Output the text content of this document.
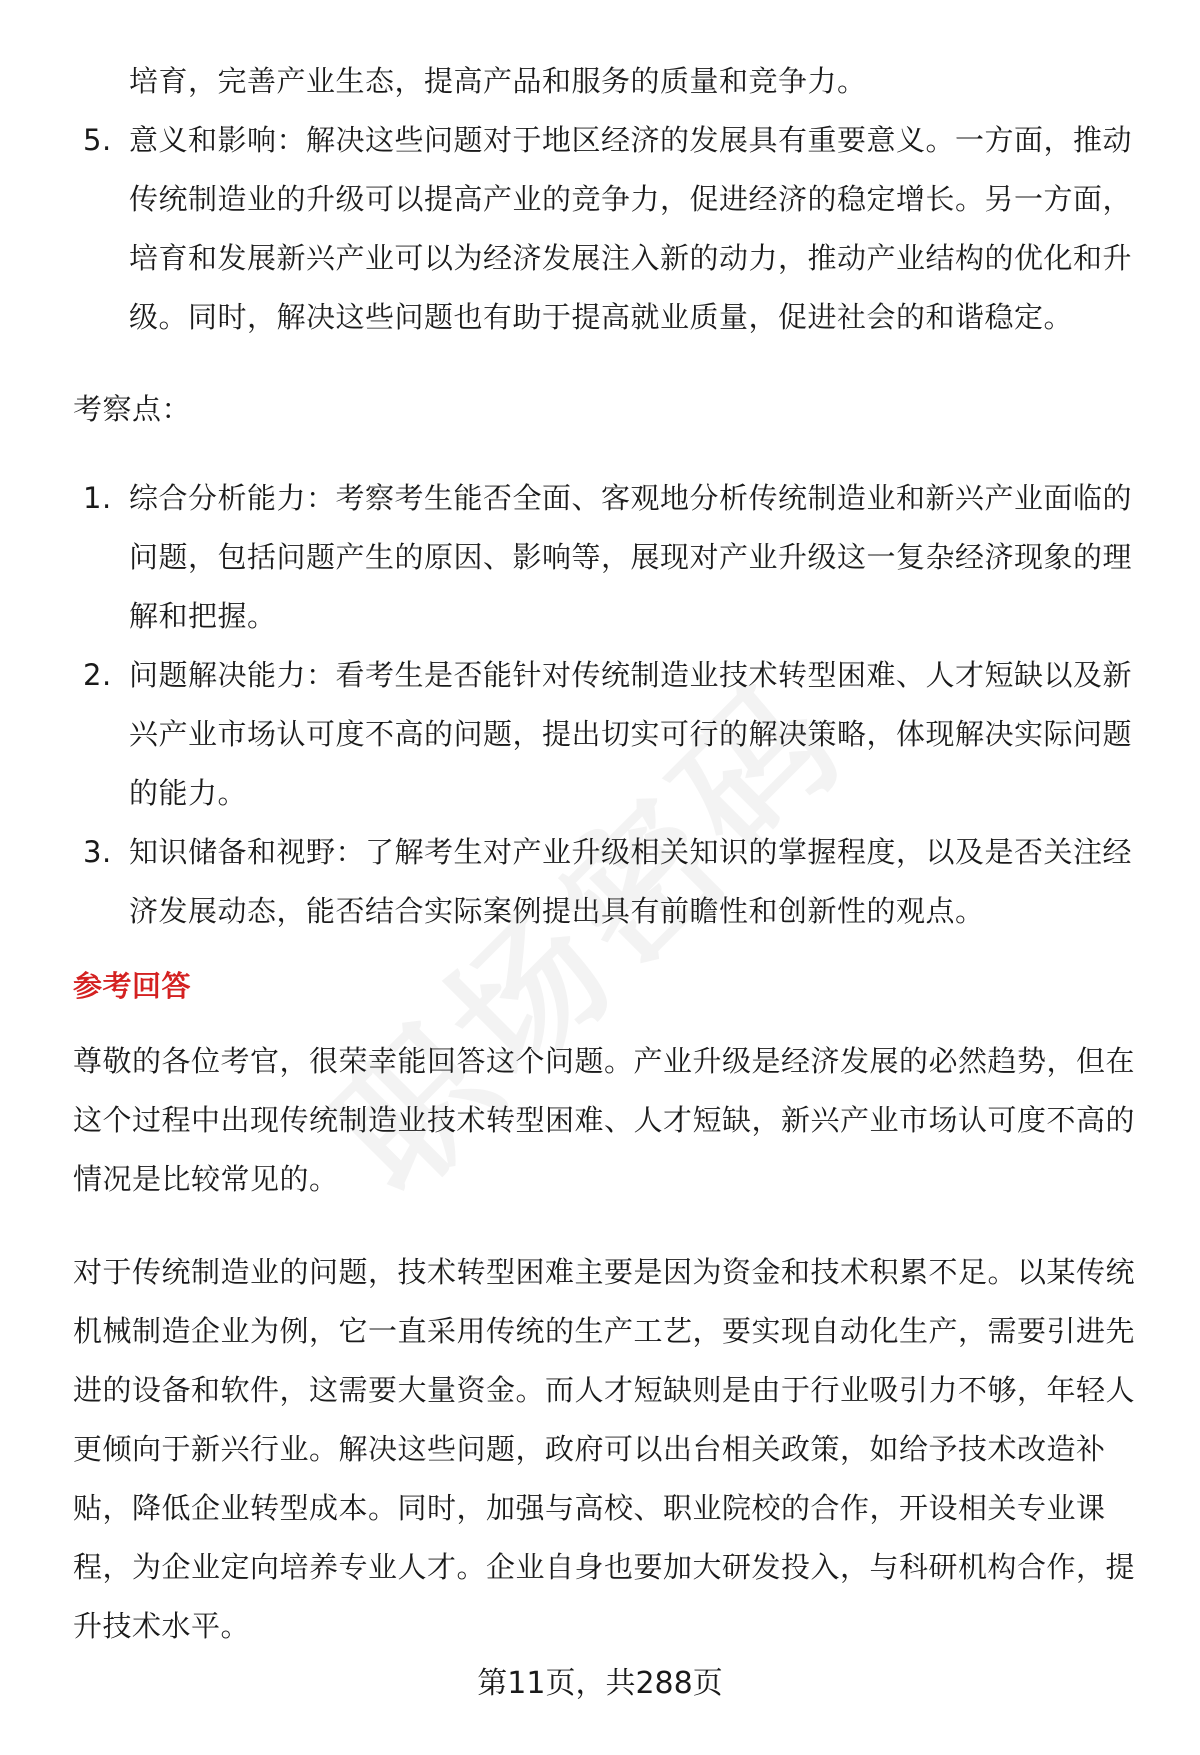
培育，完善产业生态，提高产品和服务的质量和竞争力。
5. 意义和影响：解决这些问题对于地区经济的发展具有重要意义。一方面，推动传统制造业的升级可以提高产业的竞争力，促进经济的稳定增长。另一方面，培育和发展新兴产业可以为经济发展注入新的动力，推动产业结构的优化和升级。同时，解决这些问题也有助于提高就业质量，促进社会的和谐稳定。
考察点：
1. 综合分析能力：考察考生能否全面、客观地分析传统制造业和新兴产业面临的问题，包括问题产生的原因、影响等，展现对产业升级这一复杂经济现象的理解和把握。
2. 问题解决能力：看考生是否能针对传统制造业技术转型困难、人才短缺以及新兴产业市场认可度不高的问题，提出切实可行的解决策略，体现解决实际问题的能力。
3. 知识储备和视野：了解考生对产业升级相关知识的掌握程度，以及是否关注经济发展动态，能否结合实际案例提出具有前瞻性和创新性的观点。
参考回答

尊敬的各位考官，很荣幸能回答这个问题。产业升级是经济发展的必然趋势，但在这个过程中出现传统制造业技术转型困难、人才短缺，新兴产业市场认可度不高的情况是比较常见的。

对于传统制造业的问题，技术转型困难主要是因为资金和技术积累不足。以某传统机械制造企业为例，它一直采用传统的生产工艺，要实现自动化生产，需要引进先进的设备和软件，这需要大量资金。而人才短缺则是由于行业吸引力不够，年轻人更倾向于新兴行业。解决这些问题，政府可以出台相关政策，如给予技术改造补贴，降低企业转型成本。同时，加强与高校、职业院校的合作，开设相关专业课程，为企业定向培养专业人才。企业自身也要加大研发投入，与科研机构合作，提升技术水平。

第11页，共288页
